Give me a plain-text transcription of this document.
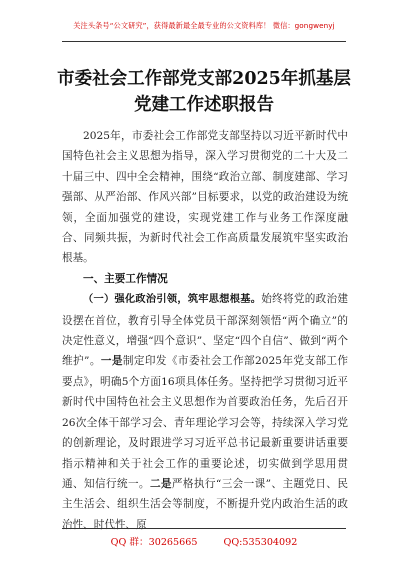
关注头条号“公文研究”，获得最新最全最专业的公文资料库！ 微信：gongwenyj
市委社会工作部党支部2025年抓基层党建工作述职报告

2025年，市委社会工作部党支部坚持以习近平新时代中国特色社会主义思想为指导，深入学习贯彻党的二十大及二十届三中、四中全会精神，围绕“政治立部、制度建部、学习强部、从严治部、作风兴部”目标要求，以党的政治建设为统领，全面加强党的建设，实现党建工作与业务工作深度融合、同频共振，为新时代社会工作高质量发展筑牢坚实政治根基。

一、主要工作情况

（一）强化政治引领，筑牢思想根基。始终将党的政治建设摆在首位，教育引导全体党员干部深刻领悟“两个确立”的决定性意义，增强“四个意识”、坚定“四个自信”、做到“两个维护”。一是制定印发《市委社会工作部2025年党支部工作要点》，明确5个方面16项具体任务。坚持把学习贯彻习近平新时代中国特色社会主义思想作为首要政治任务，先后召开26次全体干部学习会、青年理论学习会等，持续深入学习党的创新理论，及时跟进学习习近平总书记最新重要讲话重要指示精神和关于社会工作的重要论述，切实做到学思用贯通、知信行统一。二是严格执行“三会一课”、主题党日、民主生活会、组织生活会等制度，不断提升党内政治生活的政治性、时代性、原

QQ 群：30265665	QQ:535304092
